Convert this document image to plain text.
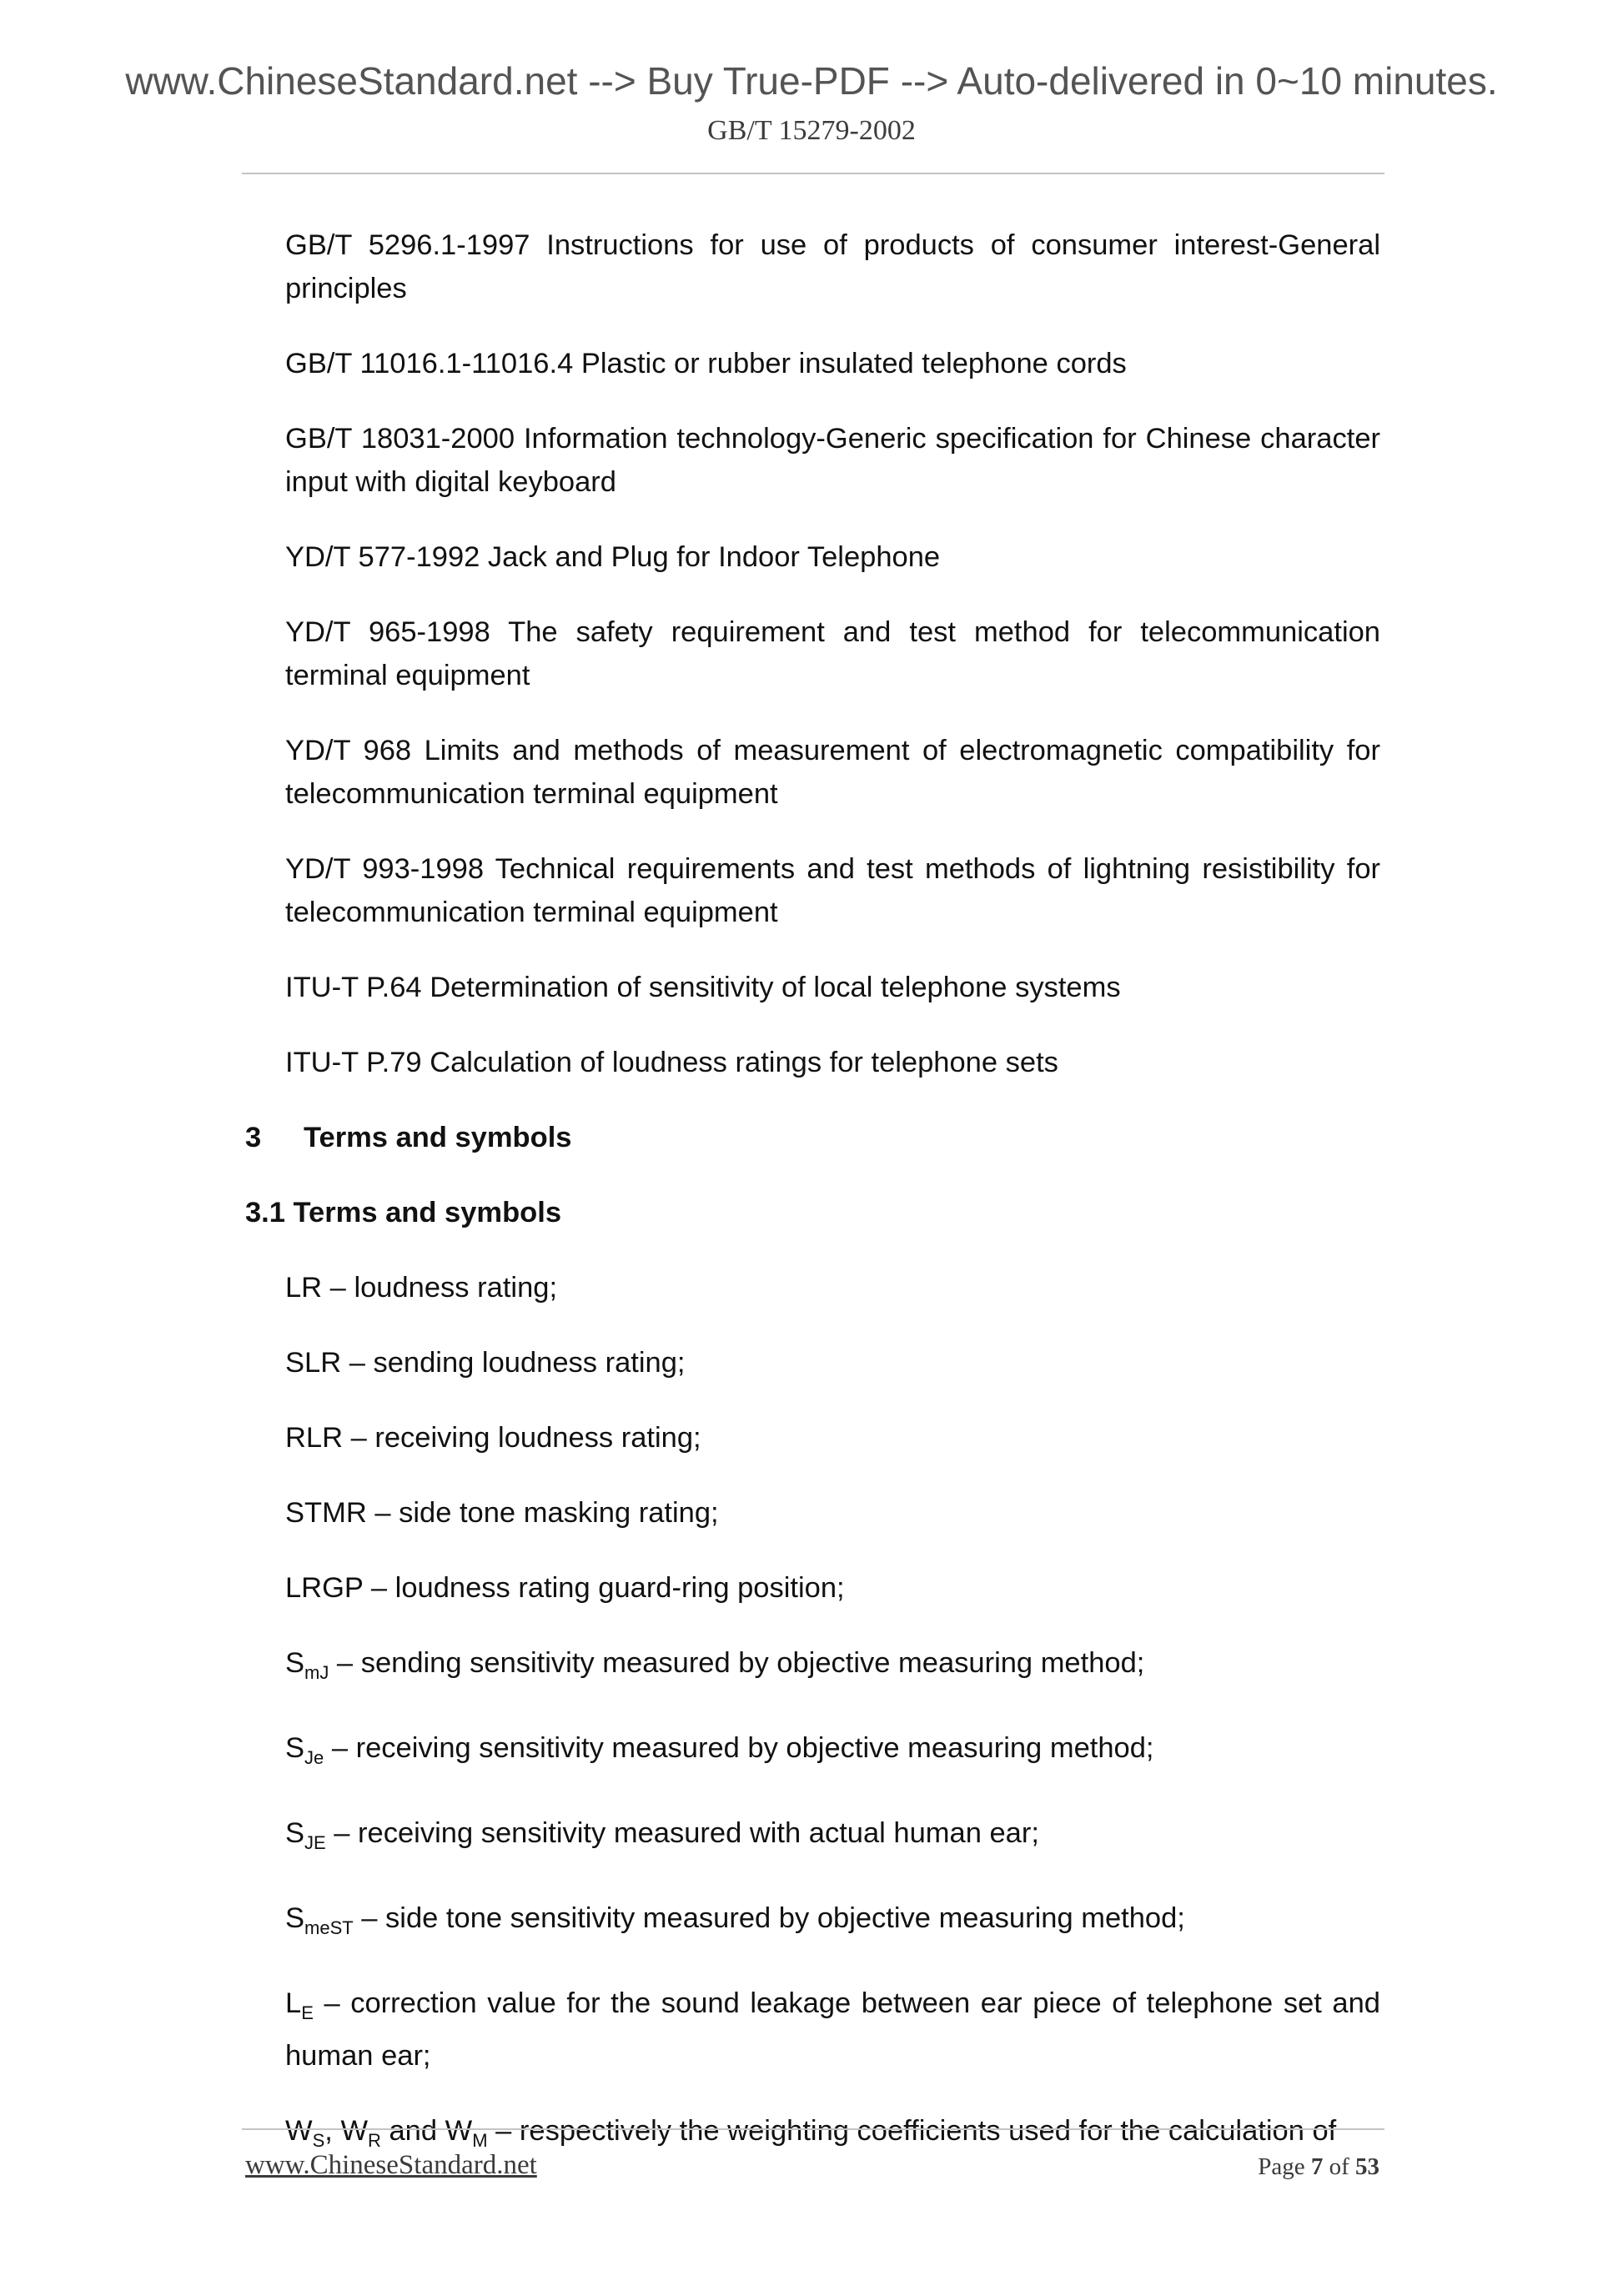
www.ChineseStandard.net --> Buy True-PDF --> Auto-delivered in 0~10 minutes.
GB/T 15279-2002
GB/T 5296.1-1997 Instructions for use of products of consumer interest-General principles
GB/T 11016.1-11016.4 Plastic or rubber insulated telephone cords
GB/T 18031-2000 Information technology-Generic specification for Chinese character input with digital keyboard
YD/T 577-1992 Jack and Plug for Indoor Telephone
YD/T 965-1998 The safety requirement and test method for telecommunication terminal equipment
YD/T 968 Limits and methods of measurement of electromagnetic compatibility for telecommunication terminal equipment
YD/T 993-1998 Technical requirements and test methods of lightning resistibility for telecommunication terminal equipment
ITU-T P.64 Determination of sensitivity of local telephone systems
ITU-T P.79 Calculation of loudness ratings for telephone sets
3 Terms and symbols
3.1 Terms and symbols
LR – loudness rating;
SLR – sending loudness rating;
RLR – receiving loudness rating;
STMR – side tone masking rating;
LRGP – loudness rating guard-ring position;
$S_{mJ}$ – sending sensitivity measured by objective measuring method;
$S_{Je}$ – receiving sensitivity measured by objective measuring method;
$S_{JE}$ – receiving sensitivity measured with actual human ear;
$S_{meST}$ – side tone sensitivity measured by objective measuring method;
$L_E$ – correction value for the sound leakage between ear piece of telephone set and human ear;
$W_S$, $W_R$ and $W_M$ – respectively the weighting coefficients used for the calculation of
www.ChineseStandard.net	Page 7 of 53
